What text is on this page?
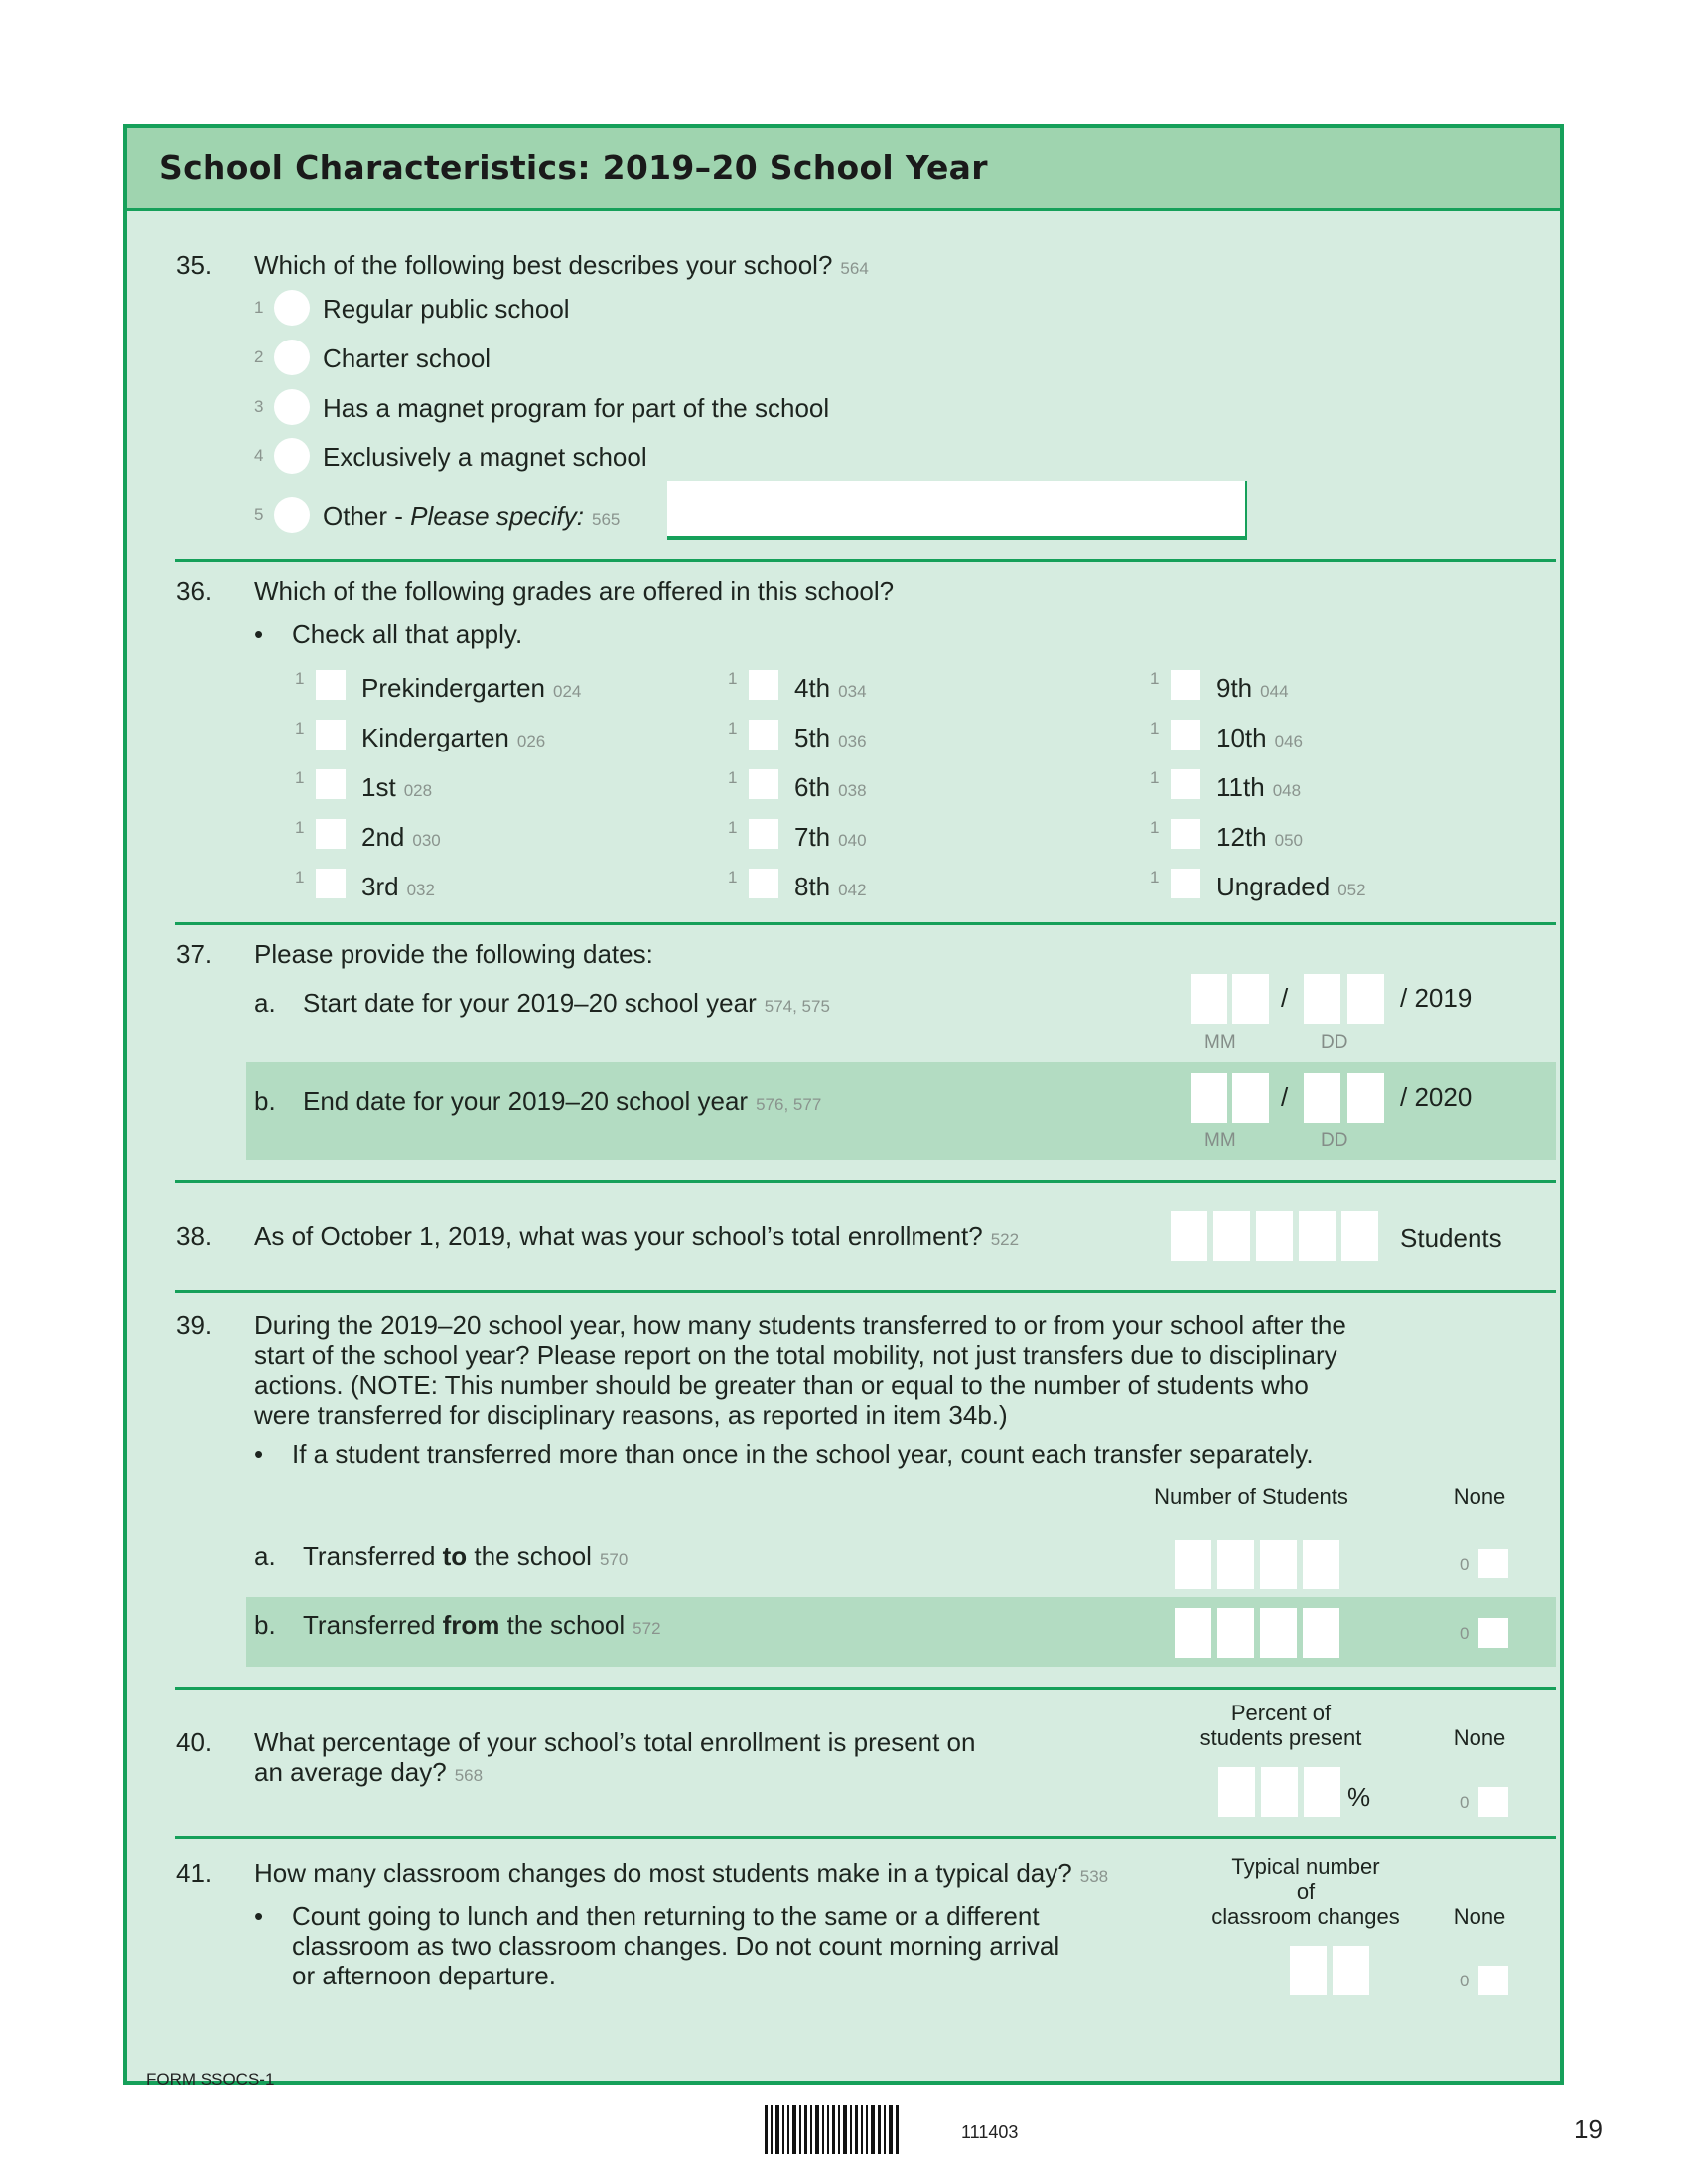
School Characteristics: 2019–20 School Year
35. Which of the following best describes your school? 564
1 Regular public school
2 Charter school
3 Has a magnet program for part of the school
4 Exclusively a magnet school
5 Other - Please specify: 565
36. Which of the following grades are offered in this school?
• Check all that apply.
1 Prekindergarten 024
1 Kindergarten 026
1 1st 028
1 2nd 030
1 3rd 032
1 4th 034
1 5th 036
1 6th 038
1 7th 040
1 8th 042
1 9th 044
1 10th 046
1 11th 048
1 12th 050
1 Ungraded 052
37. Please provide the following dates:
a. Start date for your 2019–20 school year 574, 575	/	/ 2019
MM	DD
b. End date for your 2019–20 school year 576, 577	/	/ 2020
MM	DD
38. As of October 1, 2019, what was your school’s total enrollment? 522	Students
39. During the 2019–20 school year, how many students transferred to or from your school after the
start of the school year? Please report on the total mobility, not just transfers due to disciplinary
actions. (NOTE: This number should be greater than or equal to the number of students who
were transferred for disciplinary reasons, as reported in item 34b.)
• If a student transferred more than once in the school year, count each transfer separately.
Number of Students	None
a. Transferred to the school 570	0
b. Transferred from the school 572	0
40. What percentage of your school’s total enrollment is present on
an average day? 568
Percent of
students present	None
%	0
41. How many classroom changes do most students make in a typical day? 538
• Count going to lunch and then returning to the same or a different
classroom as two classroom changes. Do not count morning arrival
or afternoon departure.
Typical number
of
classroom changes	None
0
FORM SSOCS-1
111403	19
